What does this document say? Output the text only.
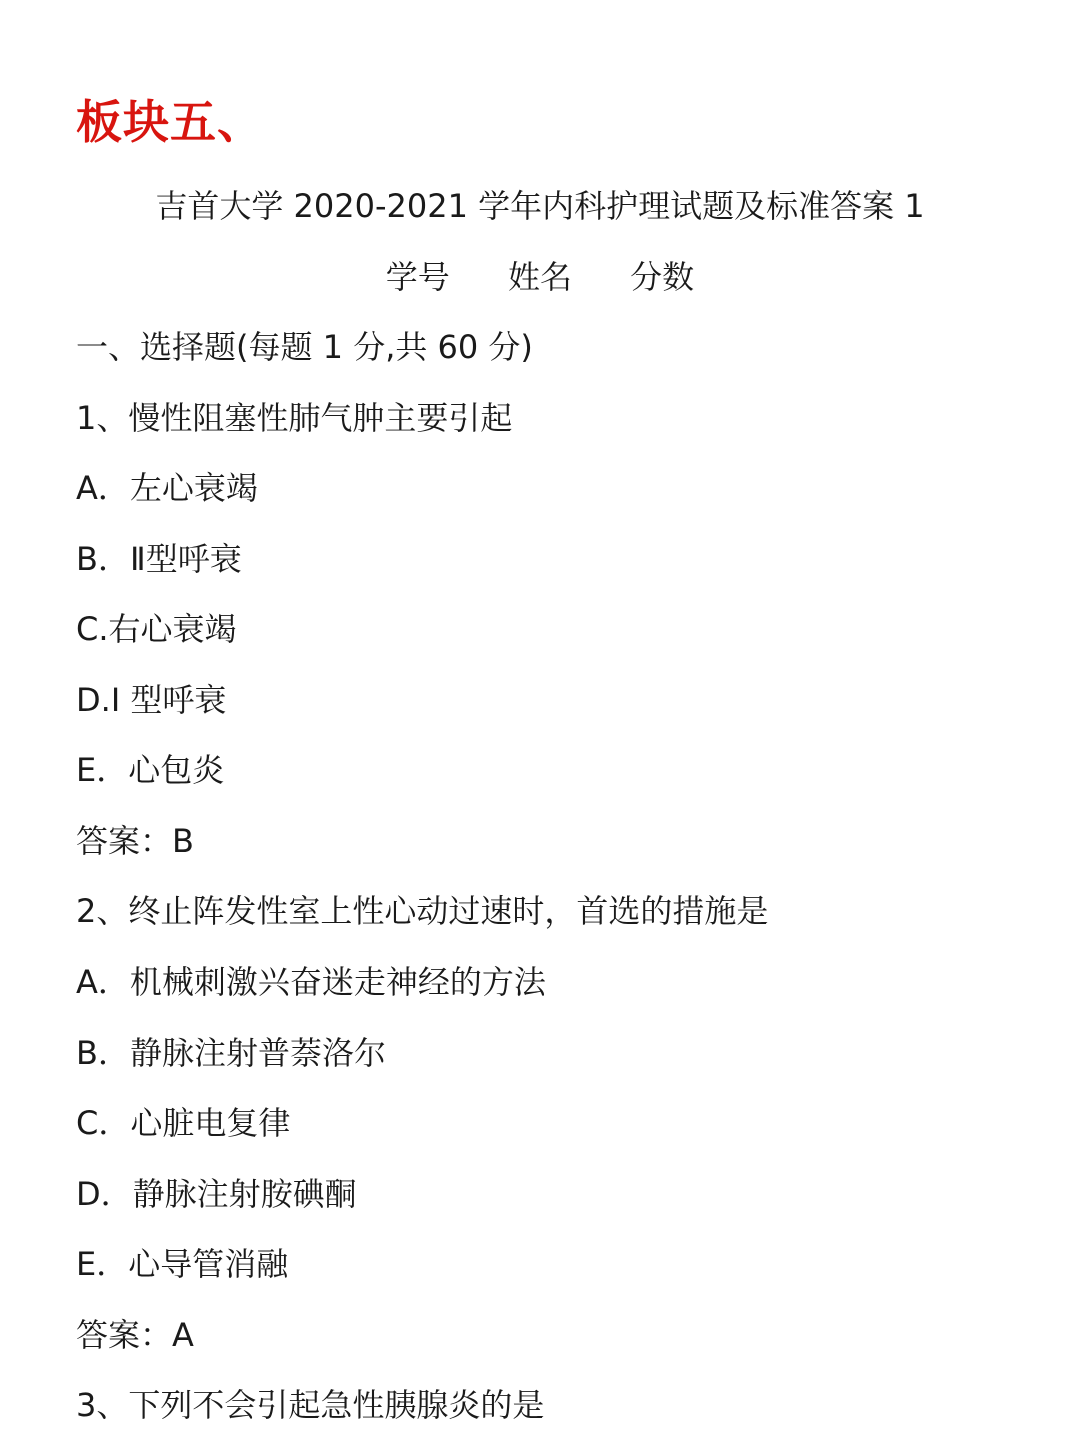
板块五、
吉首大学 2020-2021 学年内科护理试题及标准答案 1
学号 姓名 分数
一、选择题(每题 1 分,共 60 分)
1、慢性阻塞性肺气肿主要引起
A．左心衰竭
B．Ⅱ型呼衰
C.右心衰竭
D.I 型呼衰
E．心包炎
答案：B
2、终止阵发性室上性心动过速时，首选的措施是
A．机械刺激兴奋迷走神经的方法
B．静脉注射普萘洛尔
C．心脏电复律
D．静脉注射胺碘酮
E．心导管消融
答案：A
3、下列不会引起急性胰腺炎的是
